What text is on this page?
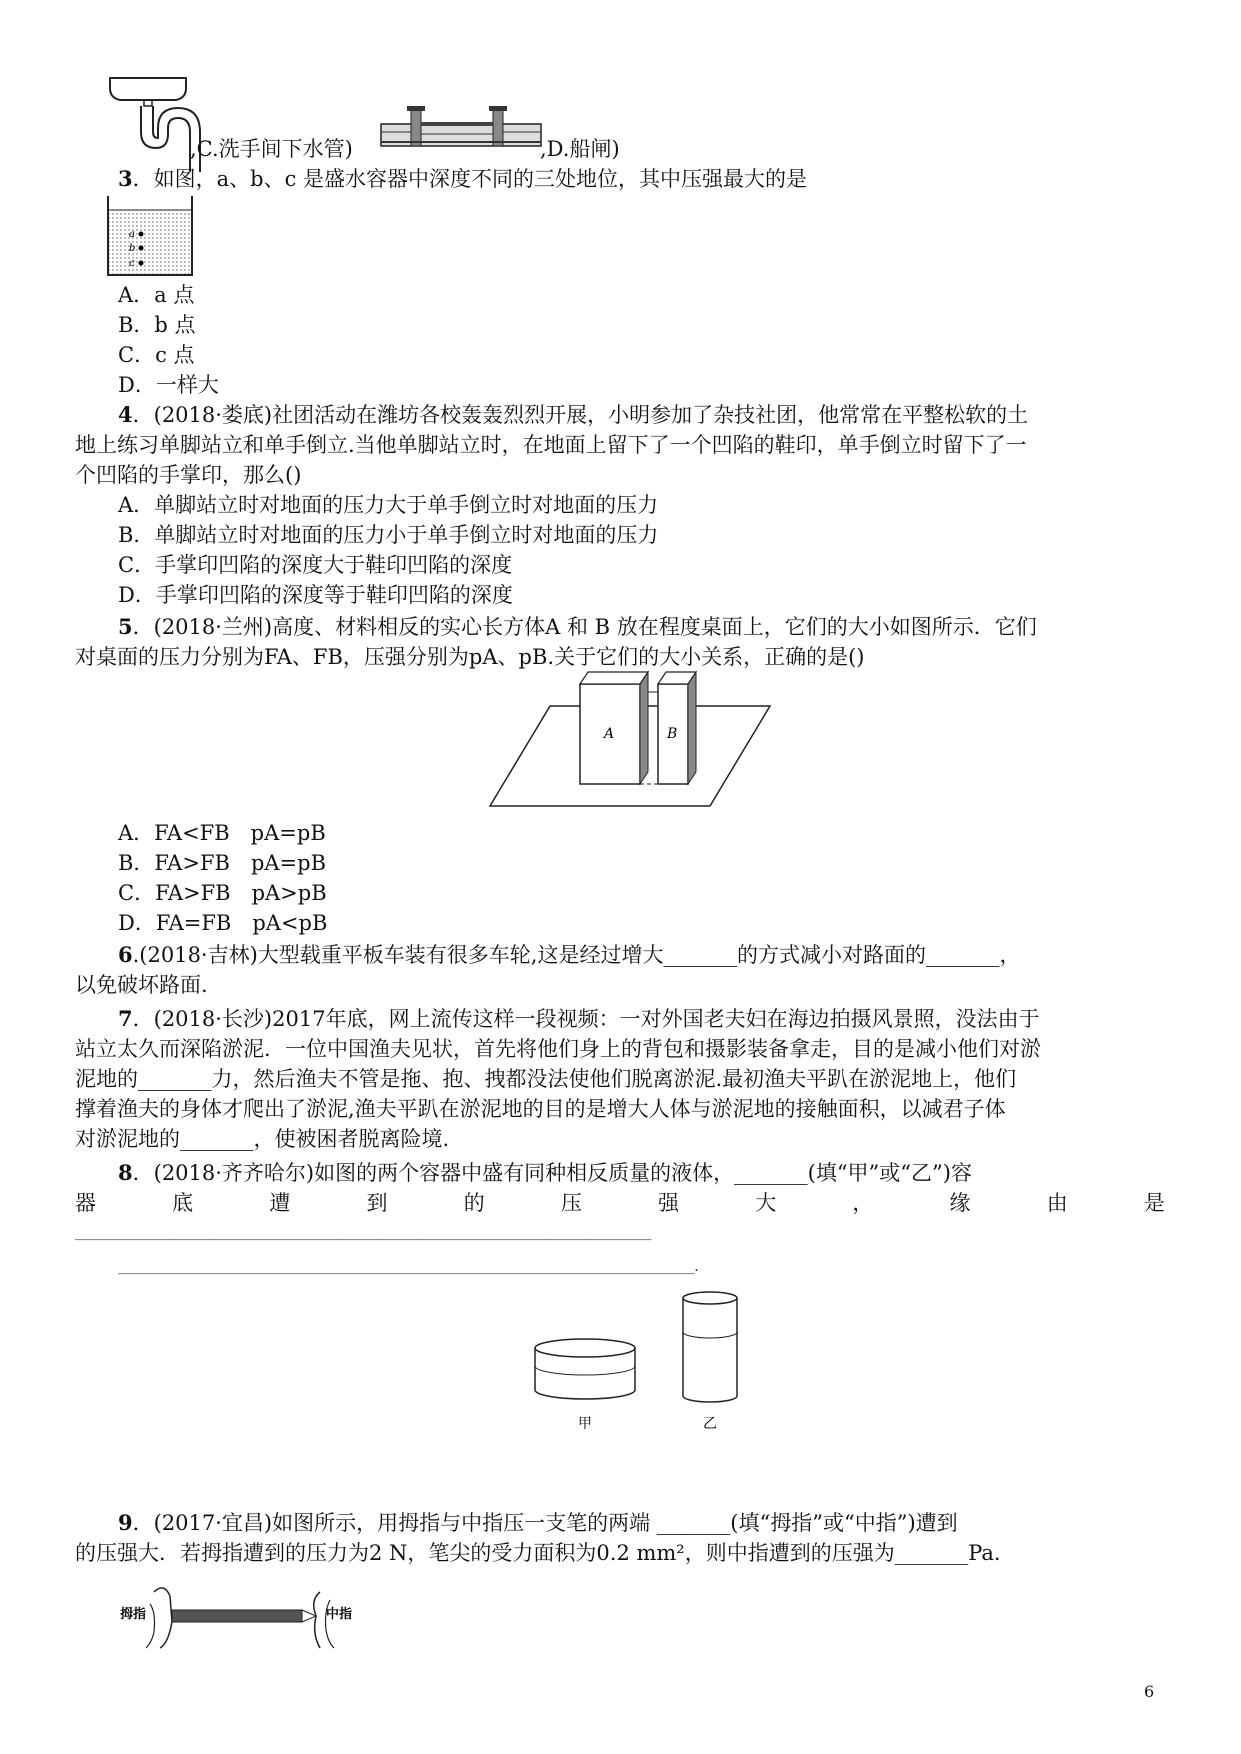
,C.洗手间下水管)	,D.船闸)
3．如图，a、b、c 是盛水容器中深度不同的三处地位，其中压强最大的是
a
b
c
A．a 点
B．b 点
C．c 点
D．一样大
4．(2018·娄底)社团活动在潍坊各校轰轰烈烈开展，小明参加了杂技社团，他常常在平整松软的土
地上练习单脚站立和单手倒立.当他单脚站立时，在地面上留下了一个凹陷的鞋印，单手倒立时留下了一
个凹陷的手掌印，那么()
A．单脚站立时对地面的压力大于单手倒立时对地面的压力
B．单脚站立时对地面的压力小于单手倒立时对地面的压力
C．手掌印凹陷的深度大于鞋印凹陷的深度
D．手掌印凹陷的深度等于鞋印凹陷的深度
5．(2018·兰州)高度、材料相反的实心长方体A 和 B 放在程度桌面上，它们的大小如图所示．它们
对桌面的压力分别为FA、FB，压强分别为pA、pB.关于它们的大小关系，正确的是()
A	B
A．FA<FB　pA=pB
B．FA>FB　pA=pB
C．FA>FB　pA>pB
D．FA=FB　pA<pB
6.(2018·吉林)大型载重平板车装有很多车轮,这是经过增大_______的方式减小对路面的_______，
以免破坏路面.
7．(2018·长沙)2017年底，网上流传这样一段视频：一对外国老夫妇在海边拍摄风景照，没法由于
站立太久而深陷淤泥．一位中国渔夫见状，首先将他们身上的背包和摄影装备拿走，目的是减小他们对淤
泥地的_______力，然后渔夫不管是拖、抱、拽都没法使他们脱离淤泥.最初渔夫平趴在淤泥地上，他们
撑着渔夫的身体才爬出了淤泥,渔夫平趴在淤泥地的目的是增大人体与淤泥地的接触面积，以减君子体
对淤泥地的_______，使被困者脱离险境.
8．(2018·齐齐哈尔)如图的两个容器中盛有同种相反质量的液体，_______(填“甲”或“乙”)容
器	底	遭	到	的	压	强	大	，	缘	由	是
______________________________________________________________________________________
______________________________________________________________________________________.
甲	乙
9．(2017·宜昌)如图所示，用拇指与中指压一支笔的两端 _______(填“拇指”或“中指”)遭到
的压强大．若拇指遭到的压力为2 N，笔尖的受力面积为0.2 mm²，则中指遭到的压强为_______Pa.
拇指	中指
6
